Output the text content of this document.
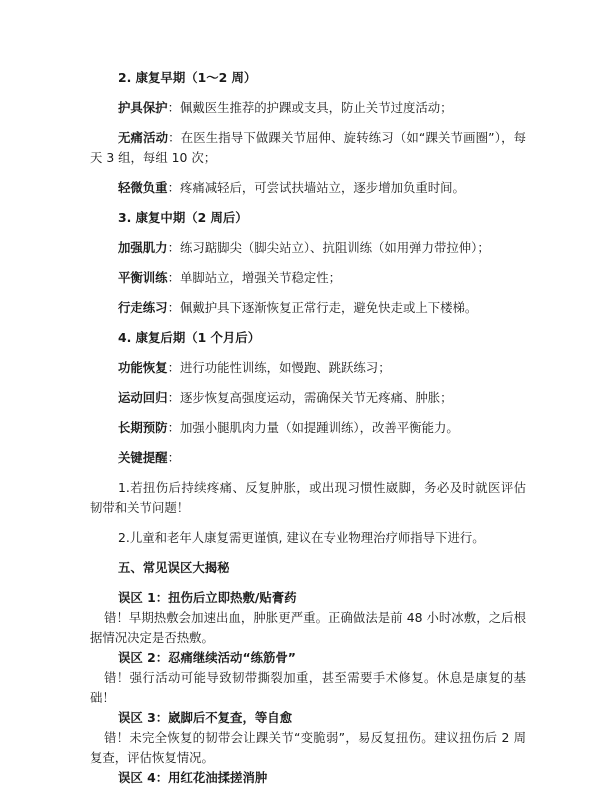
2. 康复早期（1～2 周）

护具保护：佩戴医生推荐的护踝或支具，防止关节过度活动；

无痛活动：在医生指导下做踝关节屈伸、旋转练习（如“踝关节画圈”），每天 3 组，每组 10 次；

轻微负重：疼痛减轻后，可尝试扶墙站立，逐步增加负重时间。

3. 康复中期（2 周后）

加强肌力：练习踮脚尖（脚尖站立）、抗阻训练（如用弹力带拉伸）；

平衡训练：单脚站立，增强关节稳定性；

行走练习：佩戴护具下逐渐恢复正常行走，避免快走或上下楼梯。

4. 康复后期（1 个月后）

功能恢复：进行功能性训练，如慢跑、跳跃练习；

运动回归：逐步恢复高强度运动，需确保关节无疼痛、肿胀；

长期预防：加强小腿肌肉力量（如提踵训练），改善平衡能力。

关键提醒：

1.若扭伤后持续疼痛、反复肿胀，或出现习惯性崴脚，务必及时就医评估韧带和关节问题！

2.儿童和老年人康复需更谨慎, 建议在专业物理治疗师指导下进行。

五、常见误区大揭秘

误区 1：扭伤后立即热敷/贴膏药

错！早期热敷会加速出血，肿胀更严重。正确做法是前 48 小时冰敷，之后根据情况决定是否热敷。

误区 2：忍痛继续活动“练筋骨”

错！强行活动可能导致韧带撕裂加重，甚至需要手术修复。休息是康复的基础！

误区 3：崴脚后不复查，等自愈

错！未完全恢复的韧带会让踝关节“变脆弱”，易反复扭伤。建议扭伤后 2 周复查，评估恢复情况。

误区 4：用红花油揉搓消肿
